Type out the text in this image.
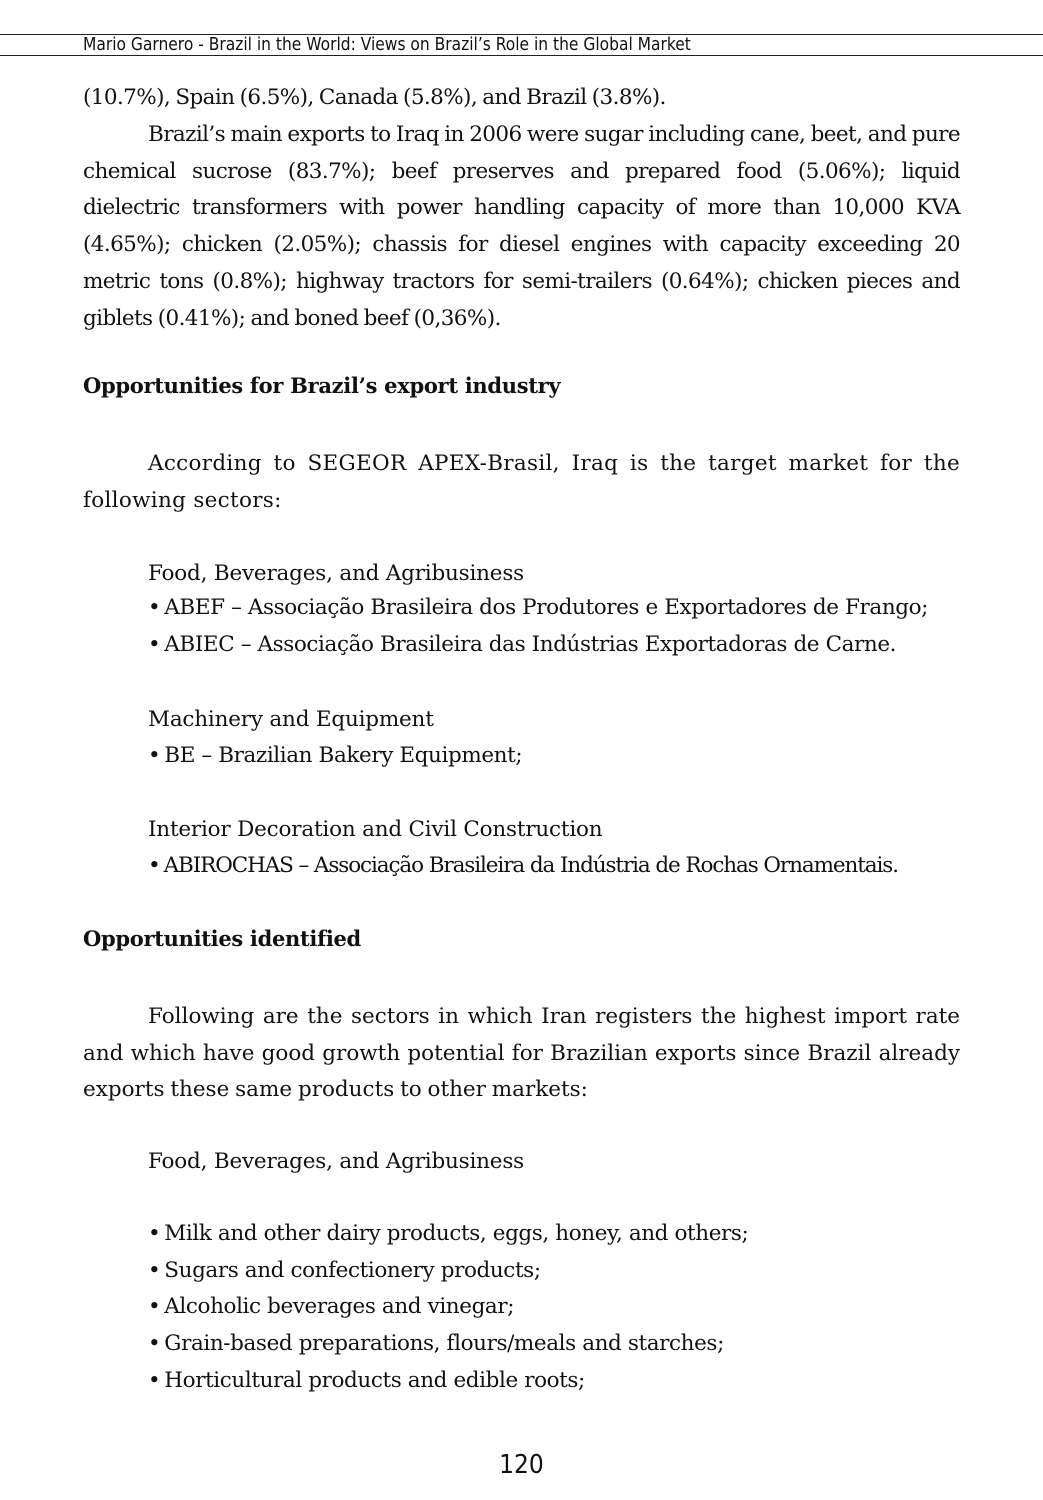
Mario Garnero - Brazil in the World: Views on Brazil’s Role in the Global Market
(10.7%), Spain (6.5%), Canada (5.8%), and Brazil (3.8%).
Brazil’s main exports to Iraq in 2006 were sugar including cane, beet, and pure chemical sucrose (83.7%); beef preserves and prepared food (5.06%); liquid dielectric transformers with power handling capacity of more than 10,000 KVA (4.65%); chicken (2.05%); chassis for diesel engines with capacity exceeding 20 metric tons (0.8%); highway tractors for semi-trailers (0.64%); chicken pieces and giblets (0.41%); and boned beef (0,36%).
Opportunities for Brazil’s export industry
According to SEGEOR APEX-Brasil, Iraq is the target market for the following sectors:
Food, Beverages, and Agribusiness
• ABEF – Associação Brasileira dos Produtores e Exportadores de Frango;
• ABIEC – Associação Brasileira das Indústrias Exportadoras de Carne.
Machinery and Equipment
• BE – Brazilian Bakery Equipment;
Interior Decoration and Civil Construction
• ABIROCHAS – Associação Brasileira da Indústria de Rochas Ornamentais.
Opportunities identified
Following are the sectors in which Iran registers the highest import rate and which have good growth potential for Brazilian exports since Brazil already exports these same products to other markets:
Food, Beverages, and Agribusiness
• Milk and other dairy products, eggs, honey, and others;
• Sugars and confectionery products;
• Alcoholic beverages and vinegar;
• Grain-based preparations, flours/meals and starches;
• Horticultural products and edible roots;
120
